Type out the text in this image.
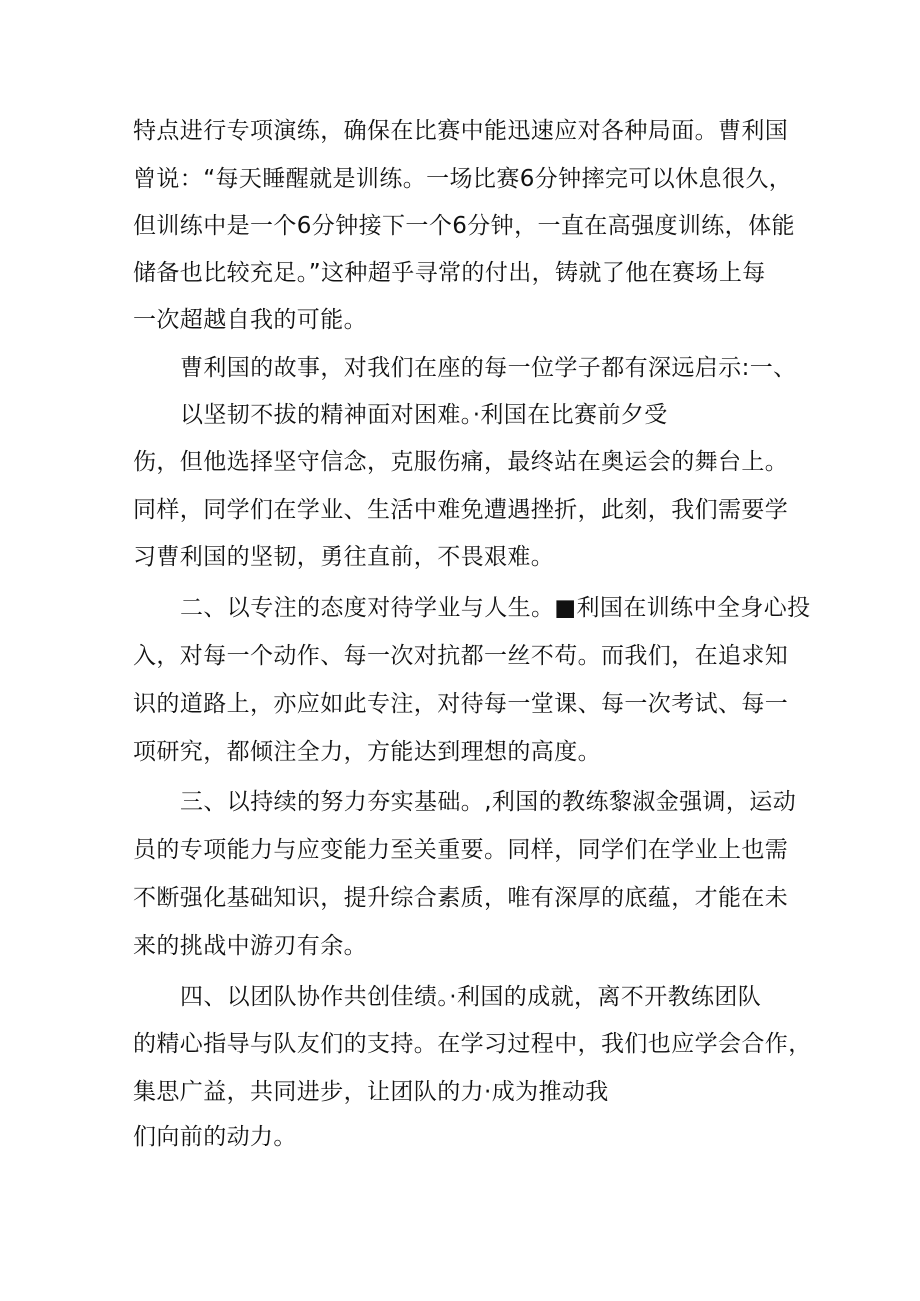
特点进行专项演练，确保在比赛中能迅速应对各种局面。曹利国
曾说：“每天睡醒就是训练。一场比赛6分钟摔完可以休息很久，
但训练中是一个6分钟接下一个6分钟，一直在高强度训练，体能
储备也比较充足。”这种超乎寻常的付出，铸就了他在赛场上每
一次超越自我的可能。
曹利国的故事，对我们在座的每一位学子都有深远启示:一、
以坚韧不拔的精神面对困难。·利国在比赛前夕受
伤，但他选择坚守信念，克服伤痛，最终站在奥运会的舞台上。
同样，同学们在学业、生活中难免遭遇挫折，此刻，我们需要学
习曹利国的坚韧，勇往直前，不畏艰难。
二、以专注的态度对待学业与人生。■利国在训练中全身心投
入，对每一个动作、每一次对抗都一丝不苟。而我们，在追求知
识的道路上，亦应如此专注，对待每一堂课、每一次考试、每一
项研究，都倾注全力，方能达到理想的高度。
三、以持续的努力夯实基础。,利国的教练黎淑金强调，运动
员的专项能力与应变能力至关重要。同样，同学们在学业上也需
不断强化基础知识，提升综合素质，唯有深厚的底蕴，才能在未
来的挑战中游刃有余。
四、以团队协作共创佳绩。·利国的成就，离不开教练团队
的精心指导与队友们的支持。在学习过程中，我们也应学会合作，
集思广益，共同进步，让团队的力·成为推动我
们向前的动力。
